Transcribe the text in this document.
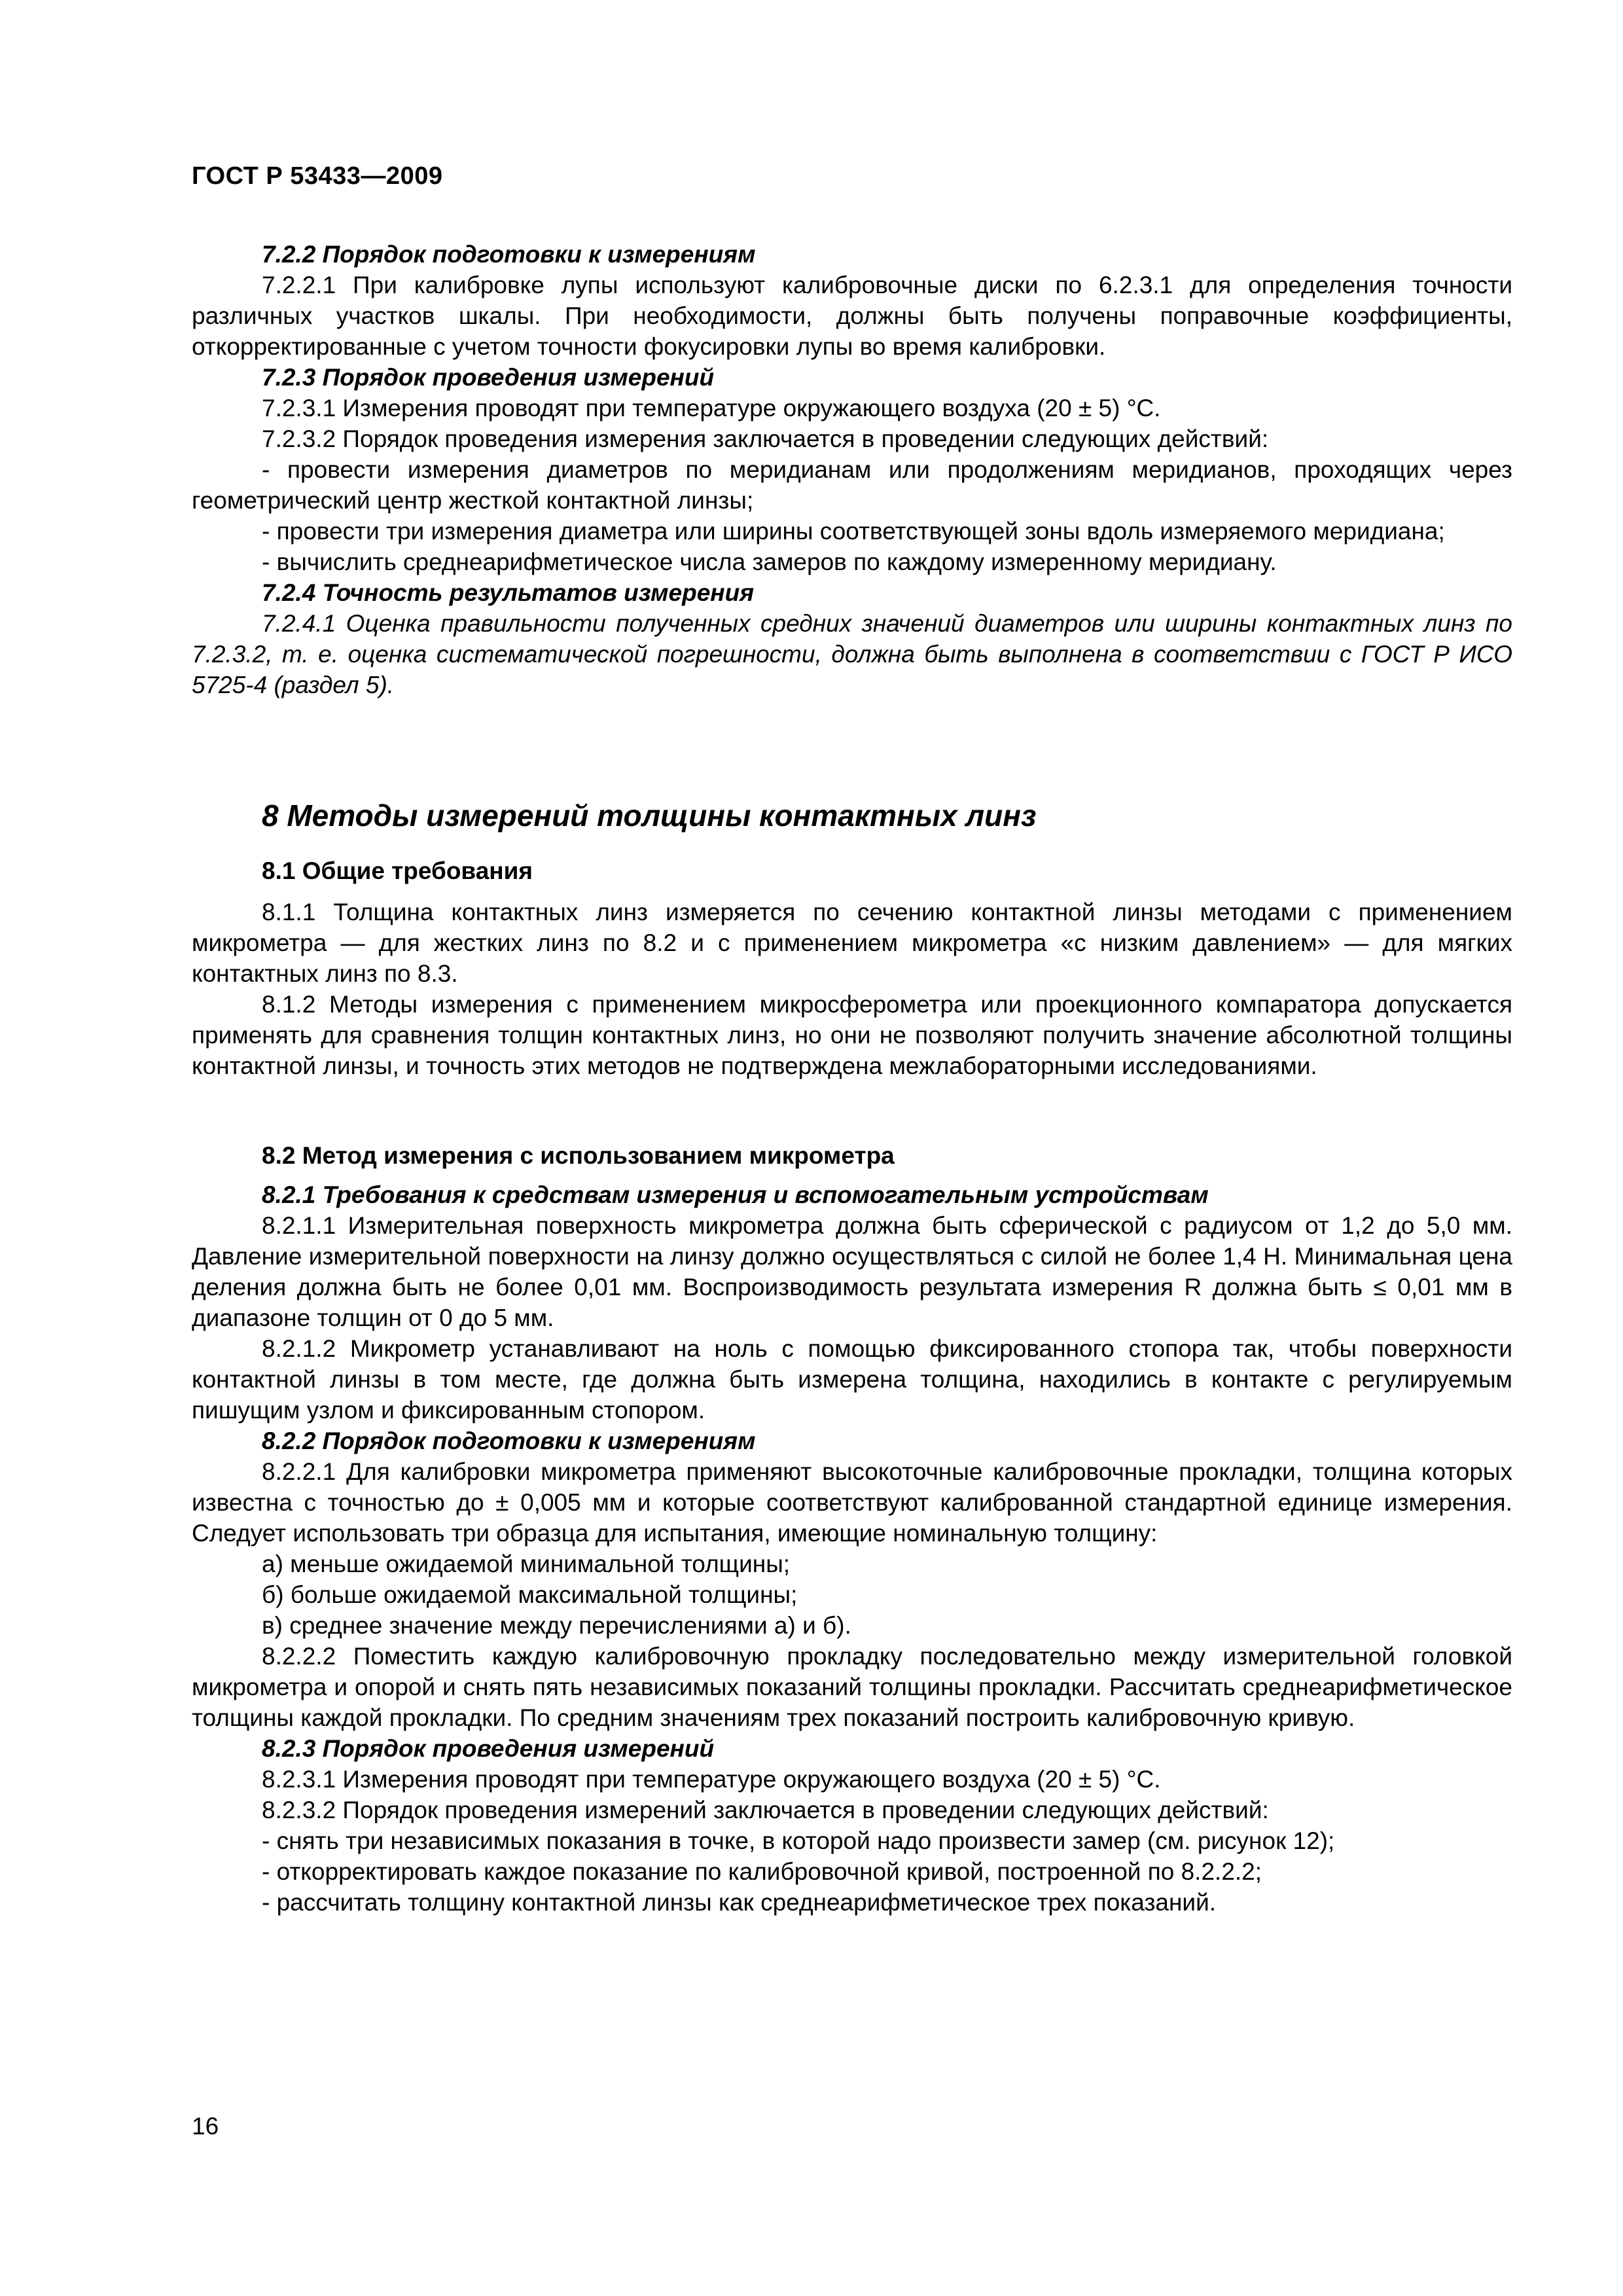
ГОСТ Р 53433—2009

7.2.2 Порядок подготовки к измерениям

7.2.2.1 При калибровке лупы используют калибровочные диски по 6.2.3.1 для определения точности различных участков шкалы. При необходимости, должны быть получены поправочные коэффициенты, откорректированные с учетом точности фокусировки лупы во время калибровки.

7.2.3 Порядок проведения измерений

7.2.3.1 Измерения проводят при температуре окружающего воздуха (20 ± 5) °С.

7.2.3.2 Порядок проведения измерения заключается в проведении следующих действий:

- провести измерения диаметров по меридианам или продолжениям меридианов, проходящих через геометрический центр жесткой контактной линзы;

- провести три измерения диаметра или ширины соответствующей зоны вдоль измеряемого меридиана;

- вычислить среднеарифметическое числа замеров по каждому измеренному меридиану.

7.2.4 Точность результатов измерения

7.2.4.1 Оценка правильности полученных средних значений диаметров или ширины контактных линз по 7.2.3.2, т. е. оценка систематической погрешности, должна быть выполнена в соответствии с ГОСТ Р ИСО 5725-4 (раздел 5).

8 Методы измерений толщины контактных линз

8.1 Общие требования

8.1.1 Толщина контактных линз измеряется по сечению контактной линзы методами с применением микрометра — для жестких линз по 8.2 и с применением микрометра «с низким давлением» — для мягких контактных линз по 8.3.

8.1.2 Методы измерения с применением микросферометра или проекционного компаратора допускается применять для сравнения толщин контактных линз, но они не позволяют получить значение абсолютной толщины контактной линзы, и точность этих методов не подтверждена межлабораторными исследованиями.

8.2 Метод измерения с использованием микрометра

8.2.1 Требования к средствам измерения и вспомогательным устройствам

8.2.1.1 Измерительная поверхность микрометра должна быть сферической с радиусом от 1,2 до 5,0 мм. Давление измерительной поверхности на линзу должно осуществляться с силой не более 1,4 Н. Минимальная цена деления должна быть не более 0,01 мм. Воспроизводимость результата измерения R должна быть ≤ 0,01 мм в диапазоне толщин от 0 до 5 мм.

8.2.1.2 Микрометр устанавливают на ноль с помощью фиксированного стопора так, чтобы поверхности контактной линзы в том месте, где должна быть измерена толщина, находились в контакте с регулируемым пишущим узлом и фиксированным стопором.

8.2.2 Порядок подготовки к измерениям

8.2.2.1 Для калибровки микрометра применяют высокоточные калибровочные прокладки, толщина которых известна с точностью до ± 0,005 мм и которые соответствуют калиброванной стандартной единице измерения. Следует использовать три образца для испытания, имеющие номинальную толщину:

а) меньше ожидаемой минимальной толщины;

б) больше ожидаемой максимальной толщины;

в) среднее значение между перечислениями а) и б).

8.2.2.2 Поместить каждую калибровочную прокладку последовательно между измерительной головкой микрометра и опорой и снять пять независимых показаний толщины прокладки. Рассчитать среднеарифметическое толщины каждой прокладки. По средним значениям трех показаний построить калибровочную кривую.

8.2.3 Порядок проведения измерений

8.2.3.1 Измерения проводят при температуре окружающего воздуха (20 ± 5) °С.

8.2.3.2 Порядок проведения измерений заключается в проведении следующих действий:

- снять три независимых показания в точке, в которой надо произвести замер (см. рисунок 12);

- откорректировать каждое показание по калибровочной кривой, построенной по 8.2.2.2;

- рассчитать толщину контактной линзы как среднеарифметическое трех показаний.

16
